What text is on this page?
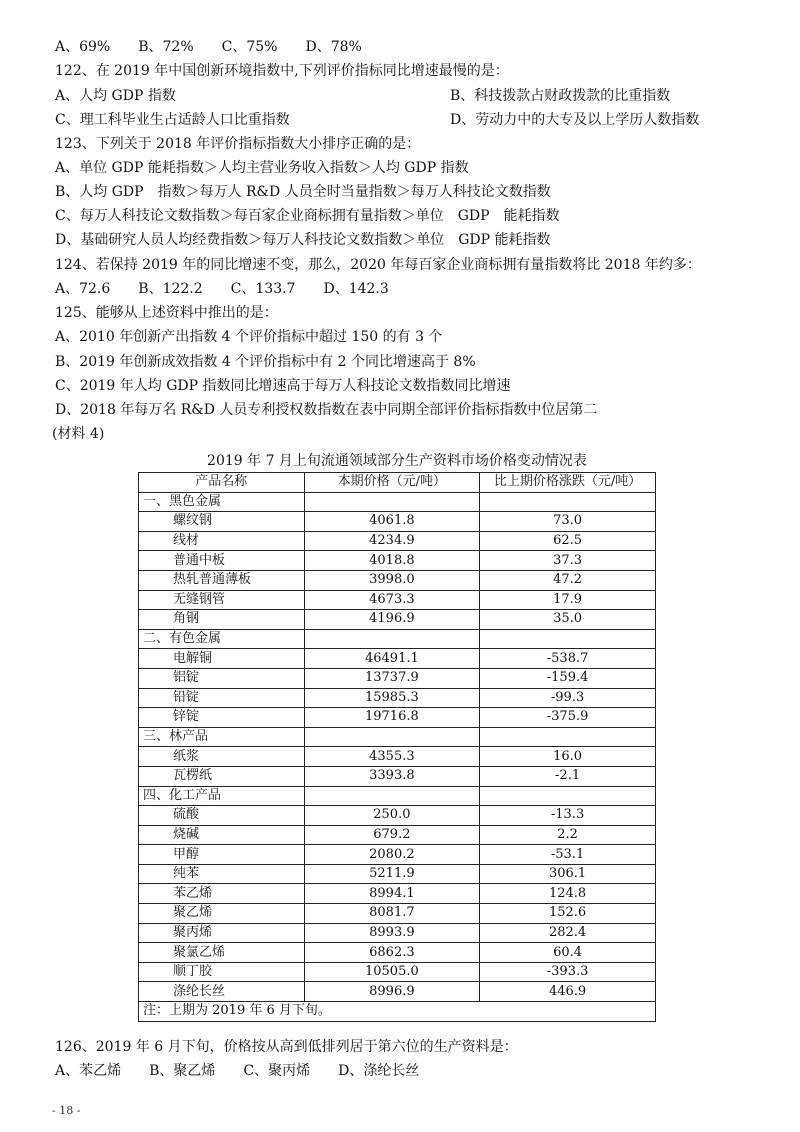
A、69% B、72% C、75% D、78%
122、在 2019 年中国创新环境指数中,下列评价指标同比增速最慢的是：
A、人均 GDP 指数	B、科技拨款占财政拨款的比重指数
C、理工科毕业生占适龄人口比重指数	D、劳动力中的大专及以上学历人数指数
123、下列关于 2018 年评价指标指数大小排序正确的是：
A、单位 GDP 能耗指数＞人均主营业务收入指数＞人均 GDP 指数
B、人均 GDP　指数＞每万人 R&D 人员全时当量指数＞每万人科技论文数指数
C、每万人科技论文数指数＞每百家企业商标拥有量指数＞单位　GDP　能耗指数
D、基础研究人员人均经费指数＞每万人科技论文数指数＞单位　GDP 能耗指数
124、若保持 2019 年的同比增速不变，那么，2020 年每百家企业商标拥有量指数将比 2018 年约多：
A、72.6 B、122.2 C、133.7 D、142.3
125、能够从上述资料中推出的是：
A、2010 年创新产出指数 4 个评价指标中超过 150 的有 3 个
B、2019 年创新成效指数 4 个评价指标中有 2 个同比增速高于 8%
C、2019 年人均 GDP 指数同比增速高于每万人科技论文数指数同比增速
D、2018 年每万名 R&D 人员专利授权数指数在表中同期全部评价指标指数中位居第二
(材料 4)
2019 年 7 月上旬流通领域部分生产资料市场价格变动情况表
产品名称	本期价格（元/吨）	比上期价格涨跌（元/吨）
一、黑色金属		
螺纹钢	4061.8	73.0
线材	4234.9	62.5
普通中板	4018.8	37.3
热轧普通薄板	3998.0	47.2
无缝钢管	4673.3	17.9
角钢	4196.9	35.0
二、有色金属		
电解铜	46491.1	-538.7
铝锭	13737.9	-159.4
铅锭	15985.3	-99.3
锌锭	19716.8	-375.9
三、林产品		
纸浆	4355.3	16.0
瓦楞纸	3393.8	-2.1
四、化工产品		
硫酸	250.0	-13.3
烧碱	679.2	2.2
甲醇	2080.2	-53.1
纯苯	5211.9	306.1
苯乙烯	8994.1	124.8
聚乙烯	8081.7	152.6
聚丙烯	8993.9	282.4
聚氯乙烯	6862.3	60.4
顺丁胶	10505.0	-393.3
涤纶长丝	8996.9	446.9
注：上期为 2019 年 6 月下旬。		
126、2019 年 6 月下旬，价格按从高到低排列居于第六位的生产资料是：
A、苯乙烯 B、聚乙烯 C、聚丙烯 D、涤纶长丝
- 18 -
